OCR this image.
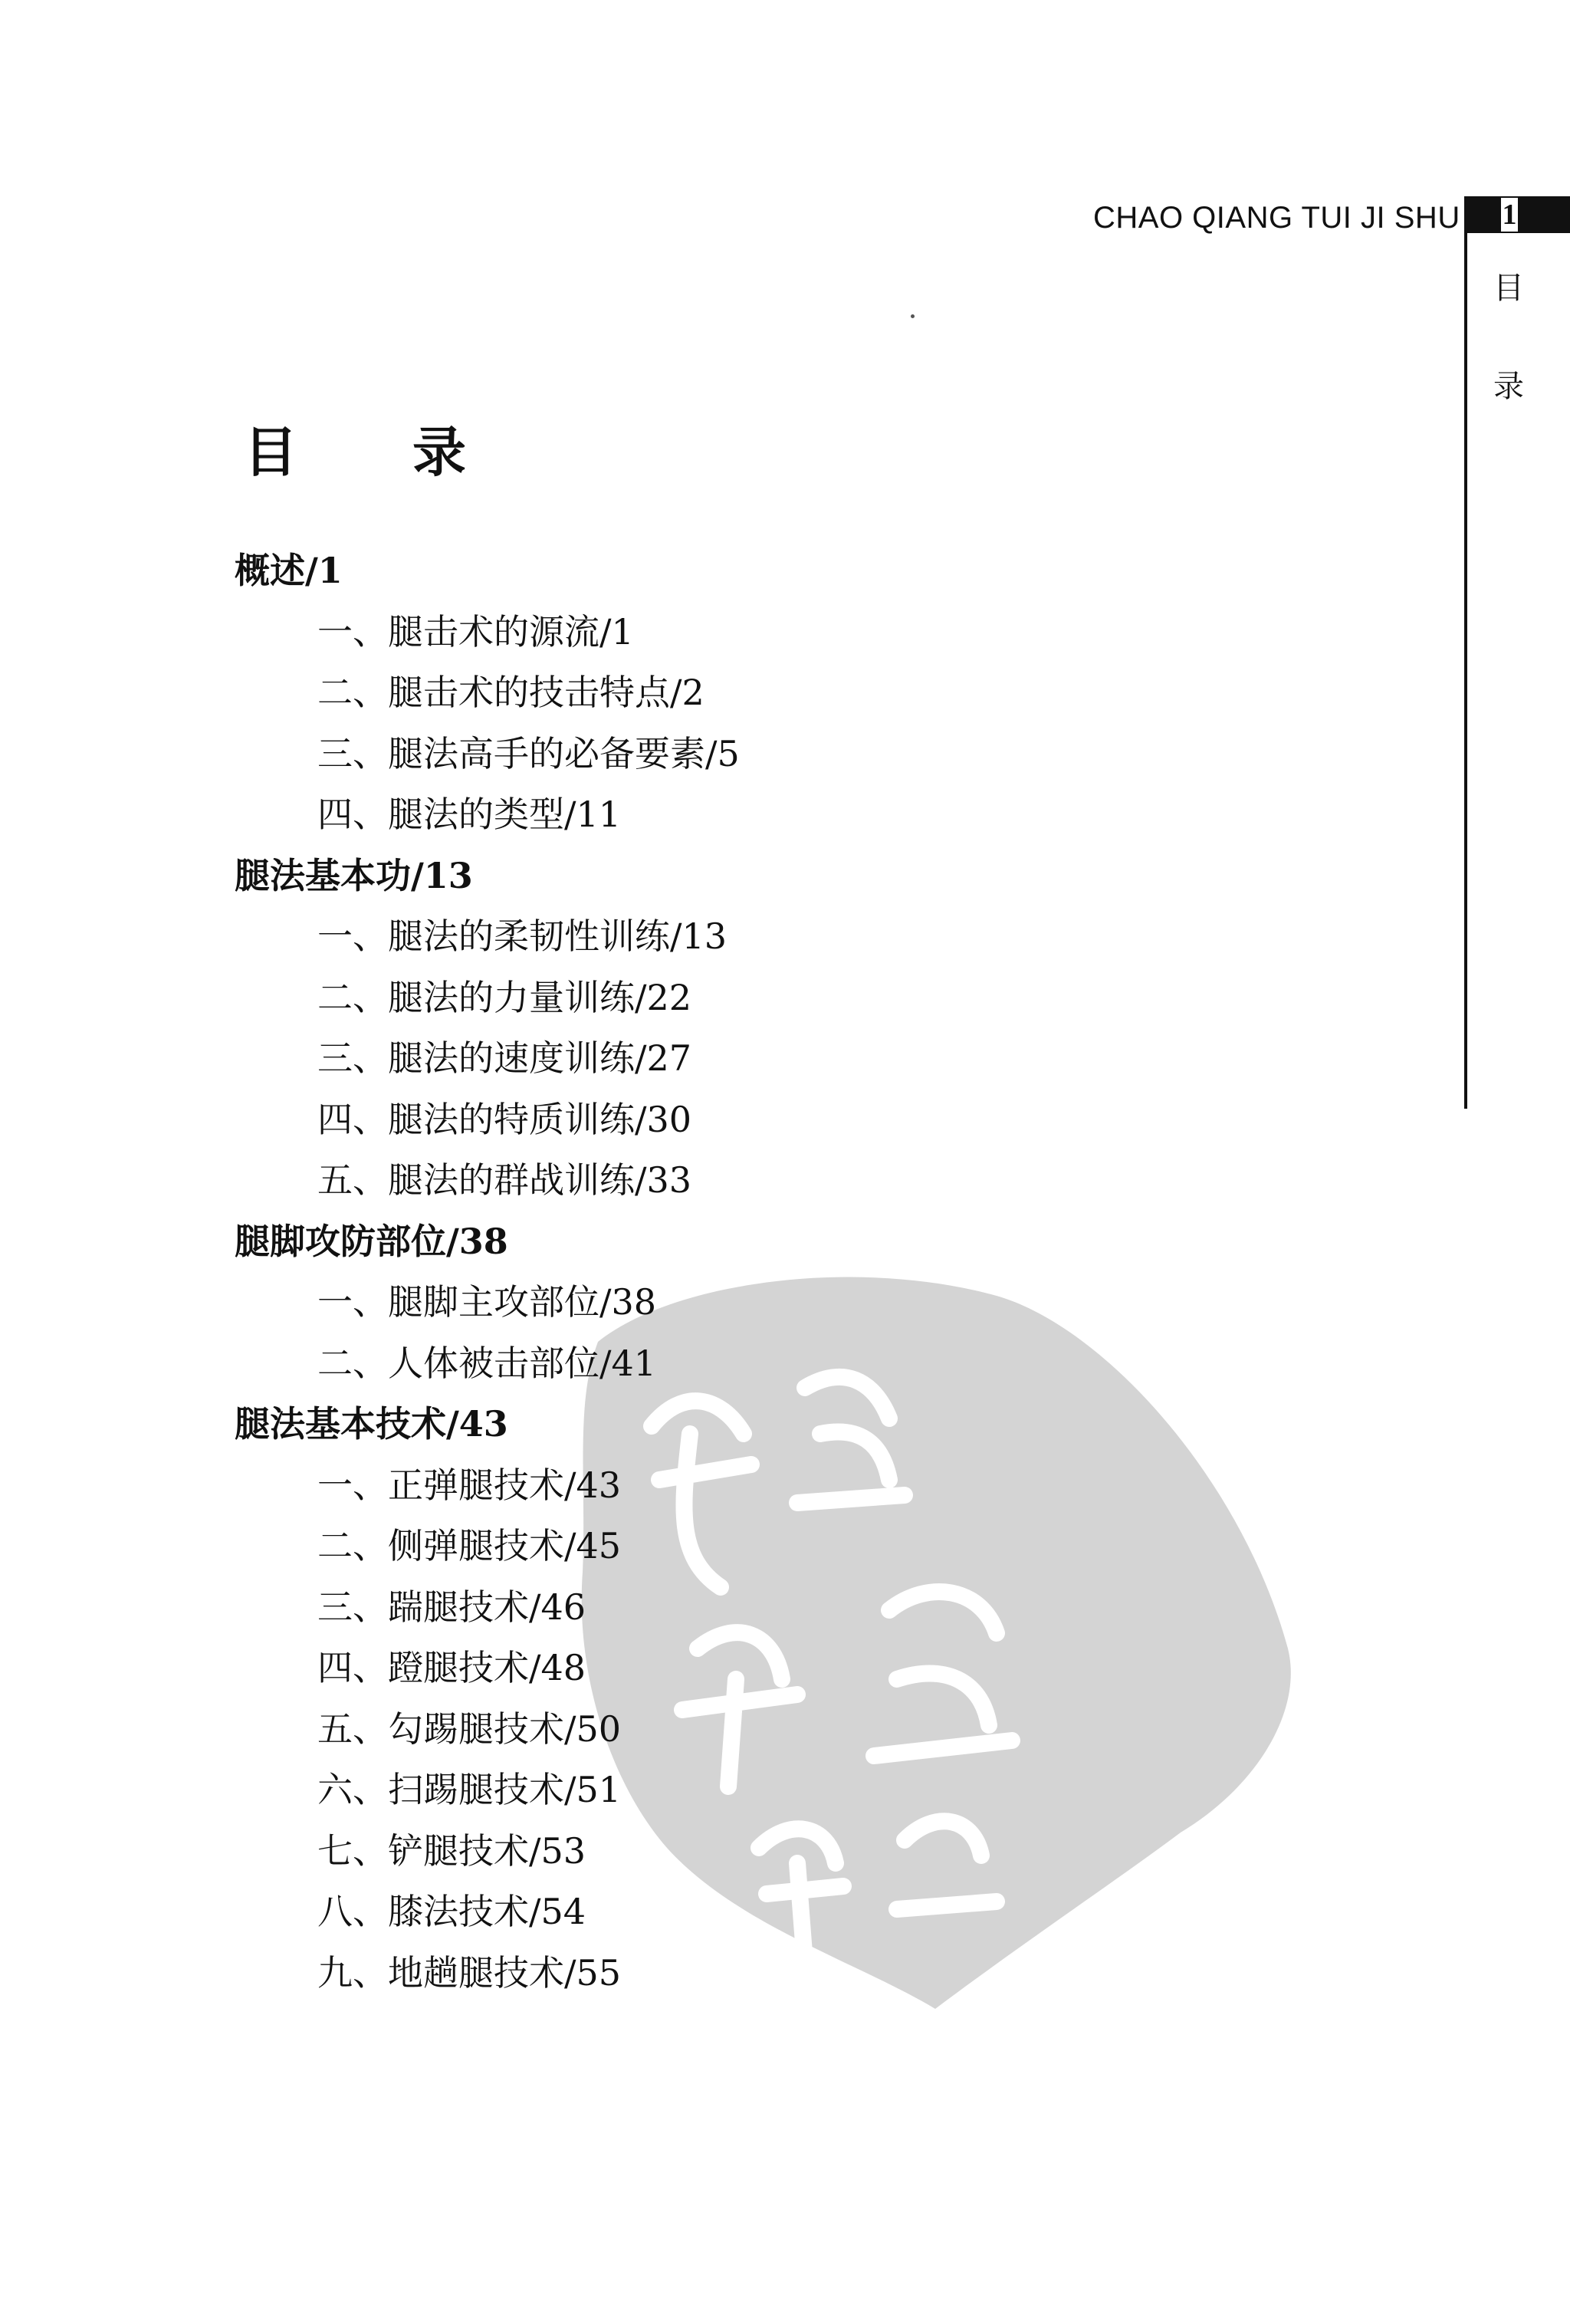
CHAO QIANG TUI JI SHU 1
目
录
目 录
概述/1
一、腿击术的源流/1
二、腿击术的技击特点/2
三、腿法高手的必备要素/5
四、腿法的类型/11
腿法基本功/13
一、腿法的柔韧性训练/13
二、腿法的力量训练/22
三、腿法的速度训练/27
四、腿法的特质训练/30
五、腿法的群战训练/33
腿脚攻防部位/38
一、腿脚主攻部位/38
二、人体被击部位/41
腿法基本技术/43
一、正弹腿技术/43
二、侧弹腿技术/45
三、踹腿技术/46
四、蹬腿技术/48
五、勾踢腿技术/50
六、扫踢腿技术/51
七、铲腿技术/53
八、膝法技术/54
九、地趟腿技术/55
